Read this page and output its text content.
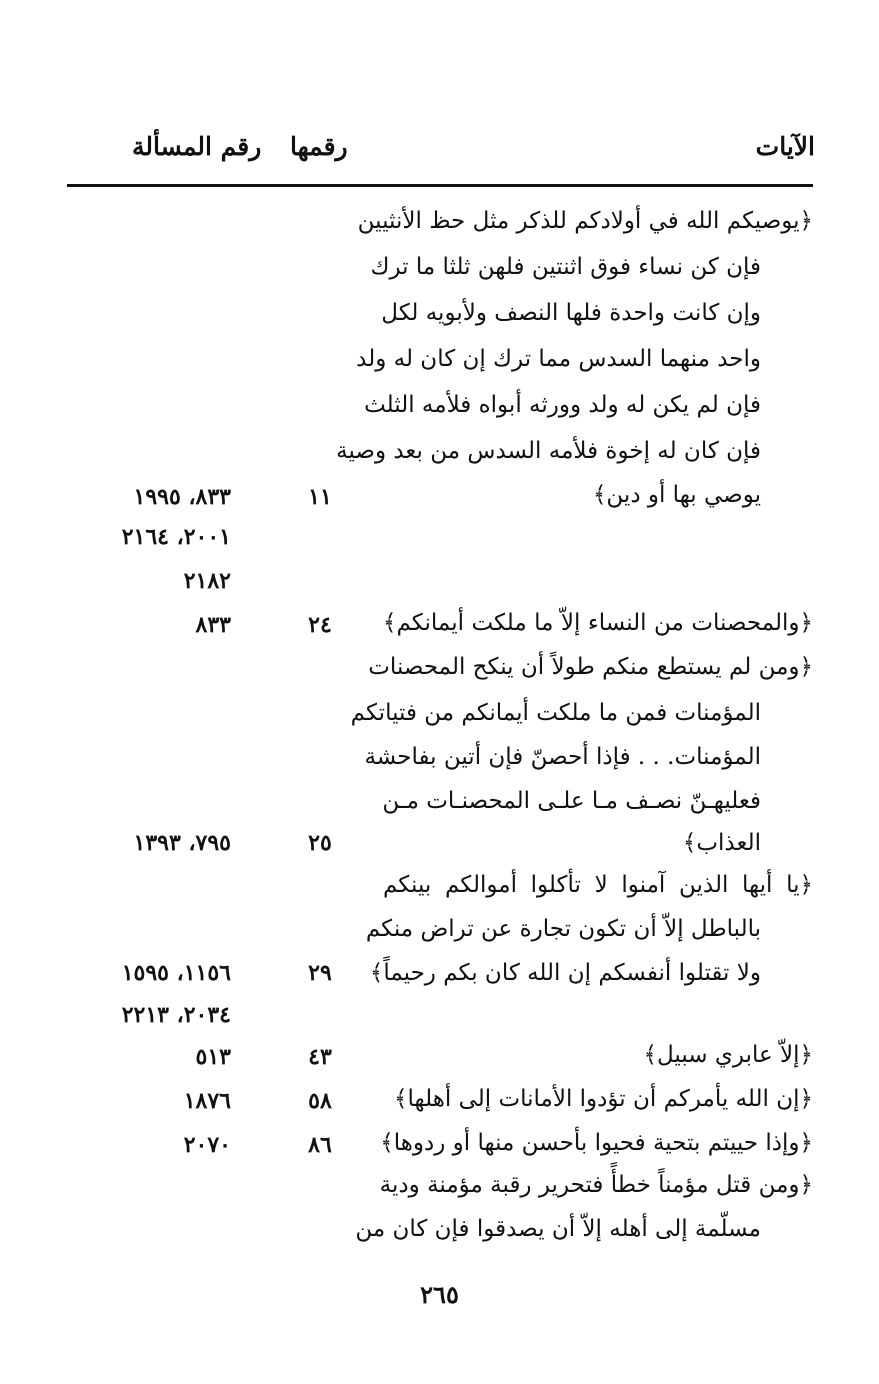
الآيات
رقمها
رقم المسألة
﴿يوصيكم الله في أولادكم للذكر مثل حظ الأنثيين
فإن كن نساء فوق اثنتين فلهن ثلثا ما ترك
وإن كانت واحدة فلها النصف ولأبويه لكل
واحد منهما السدس مما ترك إن كان له ولد
فإن لم يكن له ولد وورثه أبواه فلأمه الثلث
فإن كان له إخوة فلأمه السدس من بعد وصية
يوصي بها أو دين﴾
﴿والمحصنات من النساء إلاّ ما ملكت أيمانكم﴾
﴿ومن لم يستطع منكم طولاً أن ينكح المحصنات
المؤمنات فمن ما ملكت أيمانكم من فتياتكم
المؤمنات. . . فإذا أحصنّ فإن أتين بفاحشة
فعليهـنّ نصـف مـا علـى المحصنـات مـن
العذاب﴾
﴿يا أيها الذين آمنوا لا تأكلوا أموالكم بينكم
بالباطل إلاّ أن تكون تجارة عن تراض منكم
ولا تقتلوا أنفسكم إن الله كان بكم رحيماً﴾
﴿إلاّ عابري سبيل﴾
﴿إن الله يأمركم أن تؤدوا الأمانات إلى أهلها﴾
﴿وإذا حييتم بتحية فحيوا بأحسن منها أو ردوها﴾
﴿ومن قتل مؤمناً خطأً فتحرير رقبة مؤمنة ودية
مسلّمة إلى أهله إلاّ أن يصدقوا فإن كان من
١١
٢٤
٢٥
٢٩
٤٣
٥٨
٨٦
٨٣٣، ١٩٩٥
٢٠٠١، ٢١٦٤
٢١٨٢
٨٣٣
٧٩٥، ١٣٩٣
١١٥٦، ١٥٩٥
٢٠٣٤، ٢٢١٣
٥١٣
١٨٧٦
٢٠٧٠
٢٦٥
